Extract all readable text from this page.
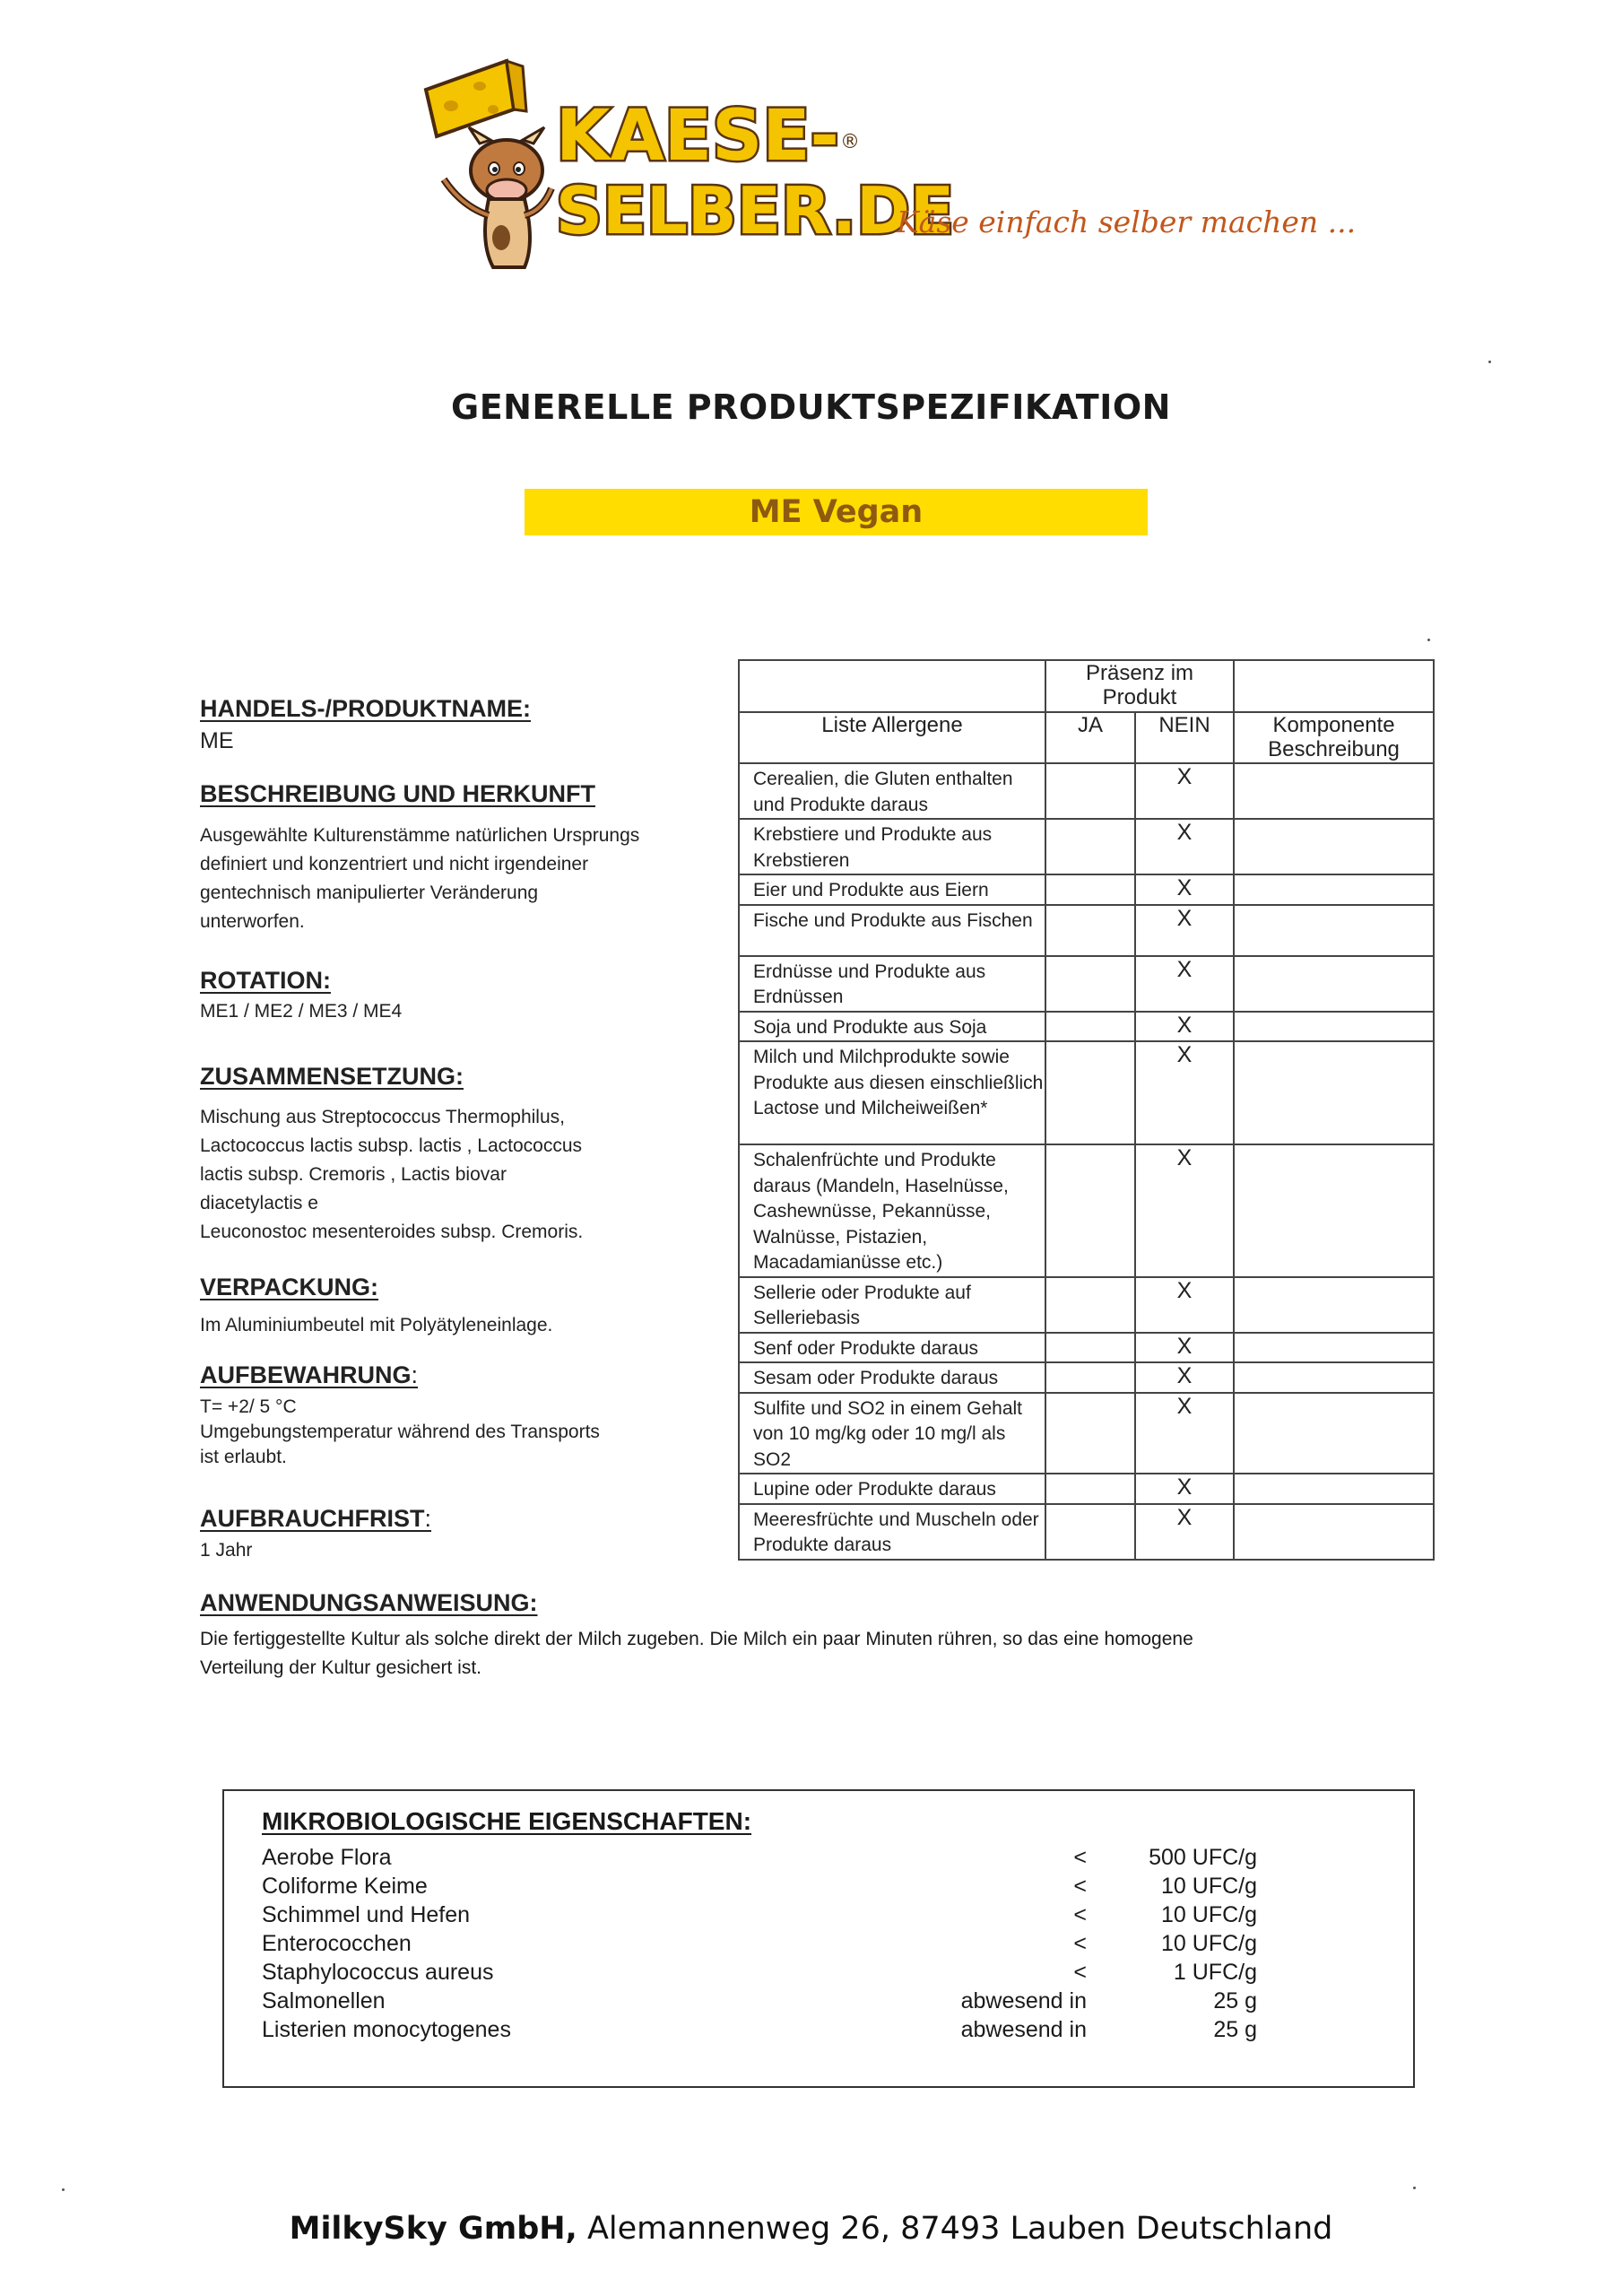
KAESE-
SELBER.DE
®
Käse einfach selber machen ...
GENERELLE PRODUKTSPEZIFIKATION
ME Vegan
HANDELS-/PRODUKTNAME:
ME
BESCHREIBUNG UND HERKUNFT
Ausgewählte Kulturenstämme natürlichen Ursprungs
definiert und konzentriert und nicht irgendeiner
gentechnisch manipulierter Veränderung
unterworfen.
ROTATION:
ME1 / ME2 / ME3 / ME4
ZUSAMMENSETZUNG:
Mischung aus Streptococcus Thermophilus,
Lactococcus lactis subsp. lactis , Lactococcus
lactis subsp. Cremoris , Lactis biovar
diacetylactis e
Leuconostoc mesenteroides subsp. Cremoris.
VERPACKUNG:
Im Aluminiumbeutel mit Polyätyleneinlage.
AUFBEWAHRUNG:
T= +2/ 5 °C
Umgebungstemperatur während des Transports
ist erlaubt.
AUFBRAUCHFRIST:
1 Jahr
ANWENDUNGSANWEISUNG:
Die fertiggestellte Kultur als solche direkt der Milch zugeben. Die Milch ein paar Minuten rühren, so das eine homogene
Verteilung der Kultur gesichert ist.
	Präsenz im Produkt		
Liste Allergene	JA	NEIN	Komponente Beschreibung
Cerealien, die Gluten enthalten und Produkte daraus		X	
Krebstiere und Produkte aus Krebstieren		X	
Eier und Produkte aus Eiern		X	
Fische und Produkte aus Fischen		X	
Erdnüsse und Produkte aus Erdnüssen		X	
Soja und Produkte aus Soja		X	
Milch und Milchprodukte sowie Produkte aus diesen einschließlich Lactose und Milcheiweißen*		X	
Schalenfrüchte und Produkte daraus (Mandeln, Haselnüsse, Cashewnüsse, Pekannüsse, Walnüsse, Pistazien, Macadamianüsse etc.)		X	
Sellerie oder Produkte auf Selleriebasis		X	
Senf oder Produkte daraus		X	
Sesam oder Produkte daraus		X	
Sulfite und SO2 in einem Gehalt von 10 mg/kg oder 10 mg/l als SO2		X	
Lupine oder Produkte daraus		X	
Meeresfrüchte und Muscheln oder Produkte daraus		X	
MIKROBIOLOGISCHE EIGENSCHAFTEN:
Aerobe Flora	<	500 UFC/g
Coliforme Keime	<	10 UFC/g
Schimmel und Hefen	<	10 UFC/g
Enterococchen	<	10 UFC/g
Staphylococcus aureus	<	1 UFC/g
Salmonellen	abwesend in	25 g
Listerien monocytogenes	abwesend in	25 g
MilkySky GmbH, Alemannenweg 26, 87493 Lauben Deutschland
